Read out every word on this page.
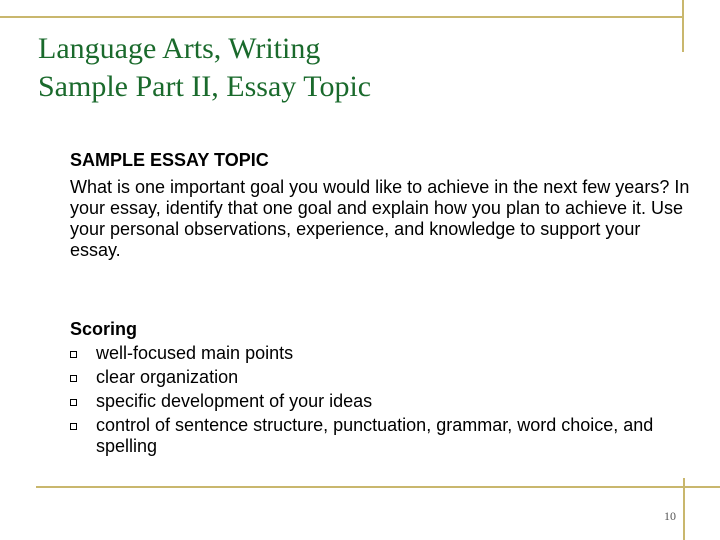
Language Arts, Writing
Sample Part II, Essay Topic
SAMPLE ESSAY TOPIC

What is one important goal you would like to achieve in the next few years? In your essay, identify that one goal and explain how you plan to achieve it. Use your personal observations, experience, and knowledge to support your essay.

Scoring
well-focused main points
clear organization
specific development of your ideas
control of sentence structure, punctuation, grammar, word choice, and spelling
10
